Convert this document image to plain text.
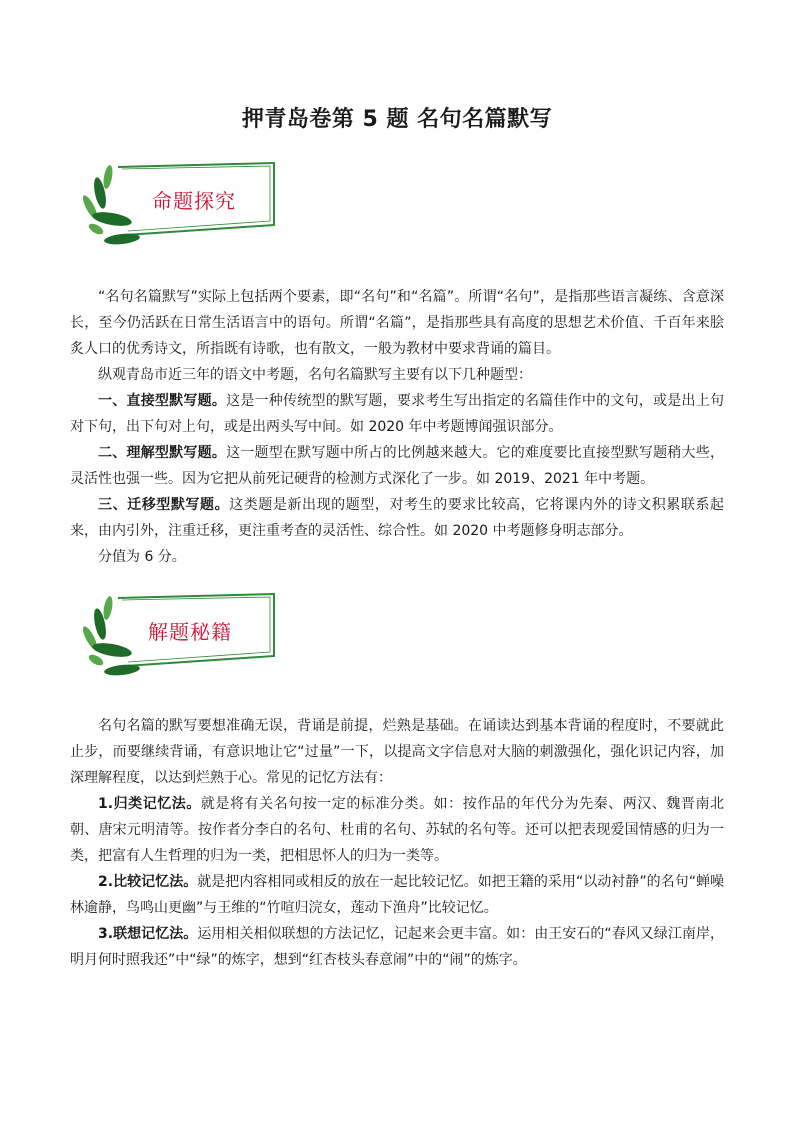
押青岛卷第 5 题 名句名篇默写
命题探究

“名句名篇默写”实际上包括两个要素，即“名句”和“名篇”。所谓“名句”，是指那些语言凝练、含意深长，至今仍活跃在日常生活语言中的语句。所谓“名篇”，是指那些具有高度的思想艺术价值、千百年来脍炙人口的优秀诗文，所指既有诗歌，也有散文，一般为教材中要求背诵的篇目。

纵观青岛市近三年的语文中考题，名句名篇默写主要有以下几种题型：

一、直接型默写题。这是一种传统型的默写题，要求考生写出指定的名篇佳作中的文句，或是出上句对下句，出下句对上句，或是出两头写中间。如 2020 年中考题博闻强识部分。

二、理解型默写题。这一题型在默写题中所占的比例越来越大。它的难度要比直接型默写题稍大些，灵活性也强一些。因为它把从前死记硬背的检测方式深化了一步。如 2019、2021 年中考题。

三、迁移型默写题。这类题是新出现的题型，对考生的要求比较高，它将课内外的诗文积累联系起来，由内引外，注重迁移，更注重考查的灵活性、综合性。如 2020 中考题修身明志部分。

分值为 6 分。

解题秘籍

名句名篇的默写要想准确无误，背诵是前提，烂熟是基础。在诵读达到基本背诵的程度时，不要就此止步，而要继续背诵，有意识地让它“过量”一下，以提高文字信息对大脑的刺激强化，强化识记内容，加深理解程度，以达到烂熟于心。常见的记忆方法有：

1.归类记忆法。就是将有关名句按一定的标准分类。如：按作品的年代分为先秦、两汉、魏晋南北朝、唐宋元明清等。按作者分李白的名句、杜甫的名句、苏轼的名句等。还可以把表现爱国情感的归为一类，把富有人生哲理的归为一类，把相思怀人的归为一类等。

2.比较记忆法。就是把内容相同或相反的放在一起比较记忆。如把王籍的采用“以动衬静”的名句“蝉噪林逾静，鸟鸣山更幽”与王维的“竹喧归浣女，莲动下渔舟”比较记忆。

3.联想记忆法。运用相关相似联想的方法记忆，记起来会更丰富。如：由王安石的“春风又绿江南岸，明月何时照我还”中“绿”的炼字，想到“红杏枝头春意闹”中的“闹”的炼字。
